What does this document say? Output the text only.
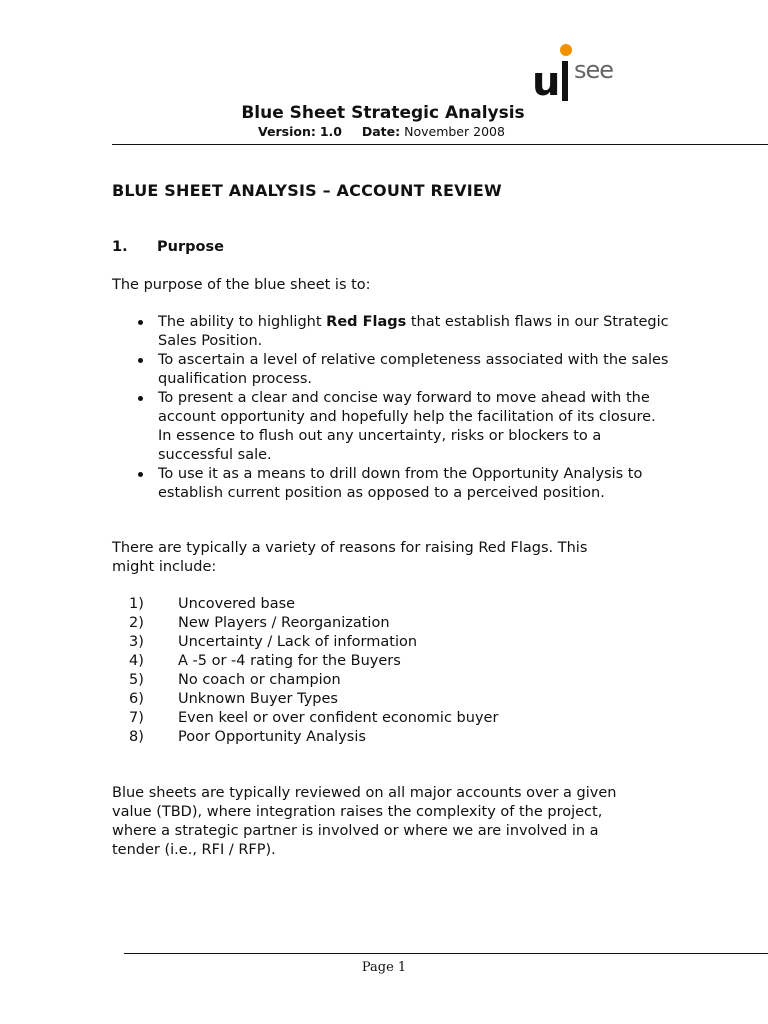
u see
Blue Sheet Strategic Analysis
Version: 1.0 Date: November 2008
BLUE SHEET ANALYSIS – ACCOUNT REVIEW
1. Purpose
The purpose of the blue sheet is to:
The ability to highlight Red Flags that establish flaws in our Strategic Sales Position.
To ascertain a level of relative completeness associated with the sales qualification process.
To present a clear and concise way forward to move ahead with the account opportunity and hopefully help the facilitation of its closure. In essence to flush out any uncertainty, risks or blockers to a successful sale.
To use it as a means to drill down from the Opportunity Analysis to establish current position as opposed to a perceived position.
There are typically a variety of reasons for raising Red Flags. This might include:
1) Uncovered base
2) New Players / Reorganization
3) Uncertainty / Lack of information
4) A -5 or -4 rating for the Buyers
5) No coach or champion
6) Unknown Buyer Types
7) Even keel or over confident economic buyer
8) Poor Opportunity Analysis
Blue sheets are typically reviewed on all major accounts over a given value (TBD), where integration raises the complexity of the project, where a strategic partner is involved or where we are involved in a tender (i.e., RFI / RFP).
Page 1
